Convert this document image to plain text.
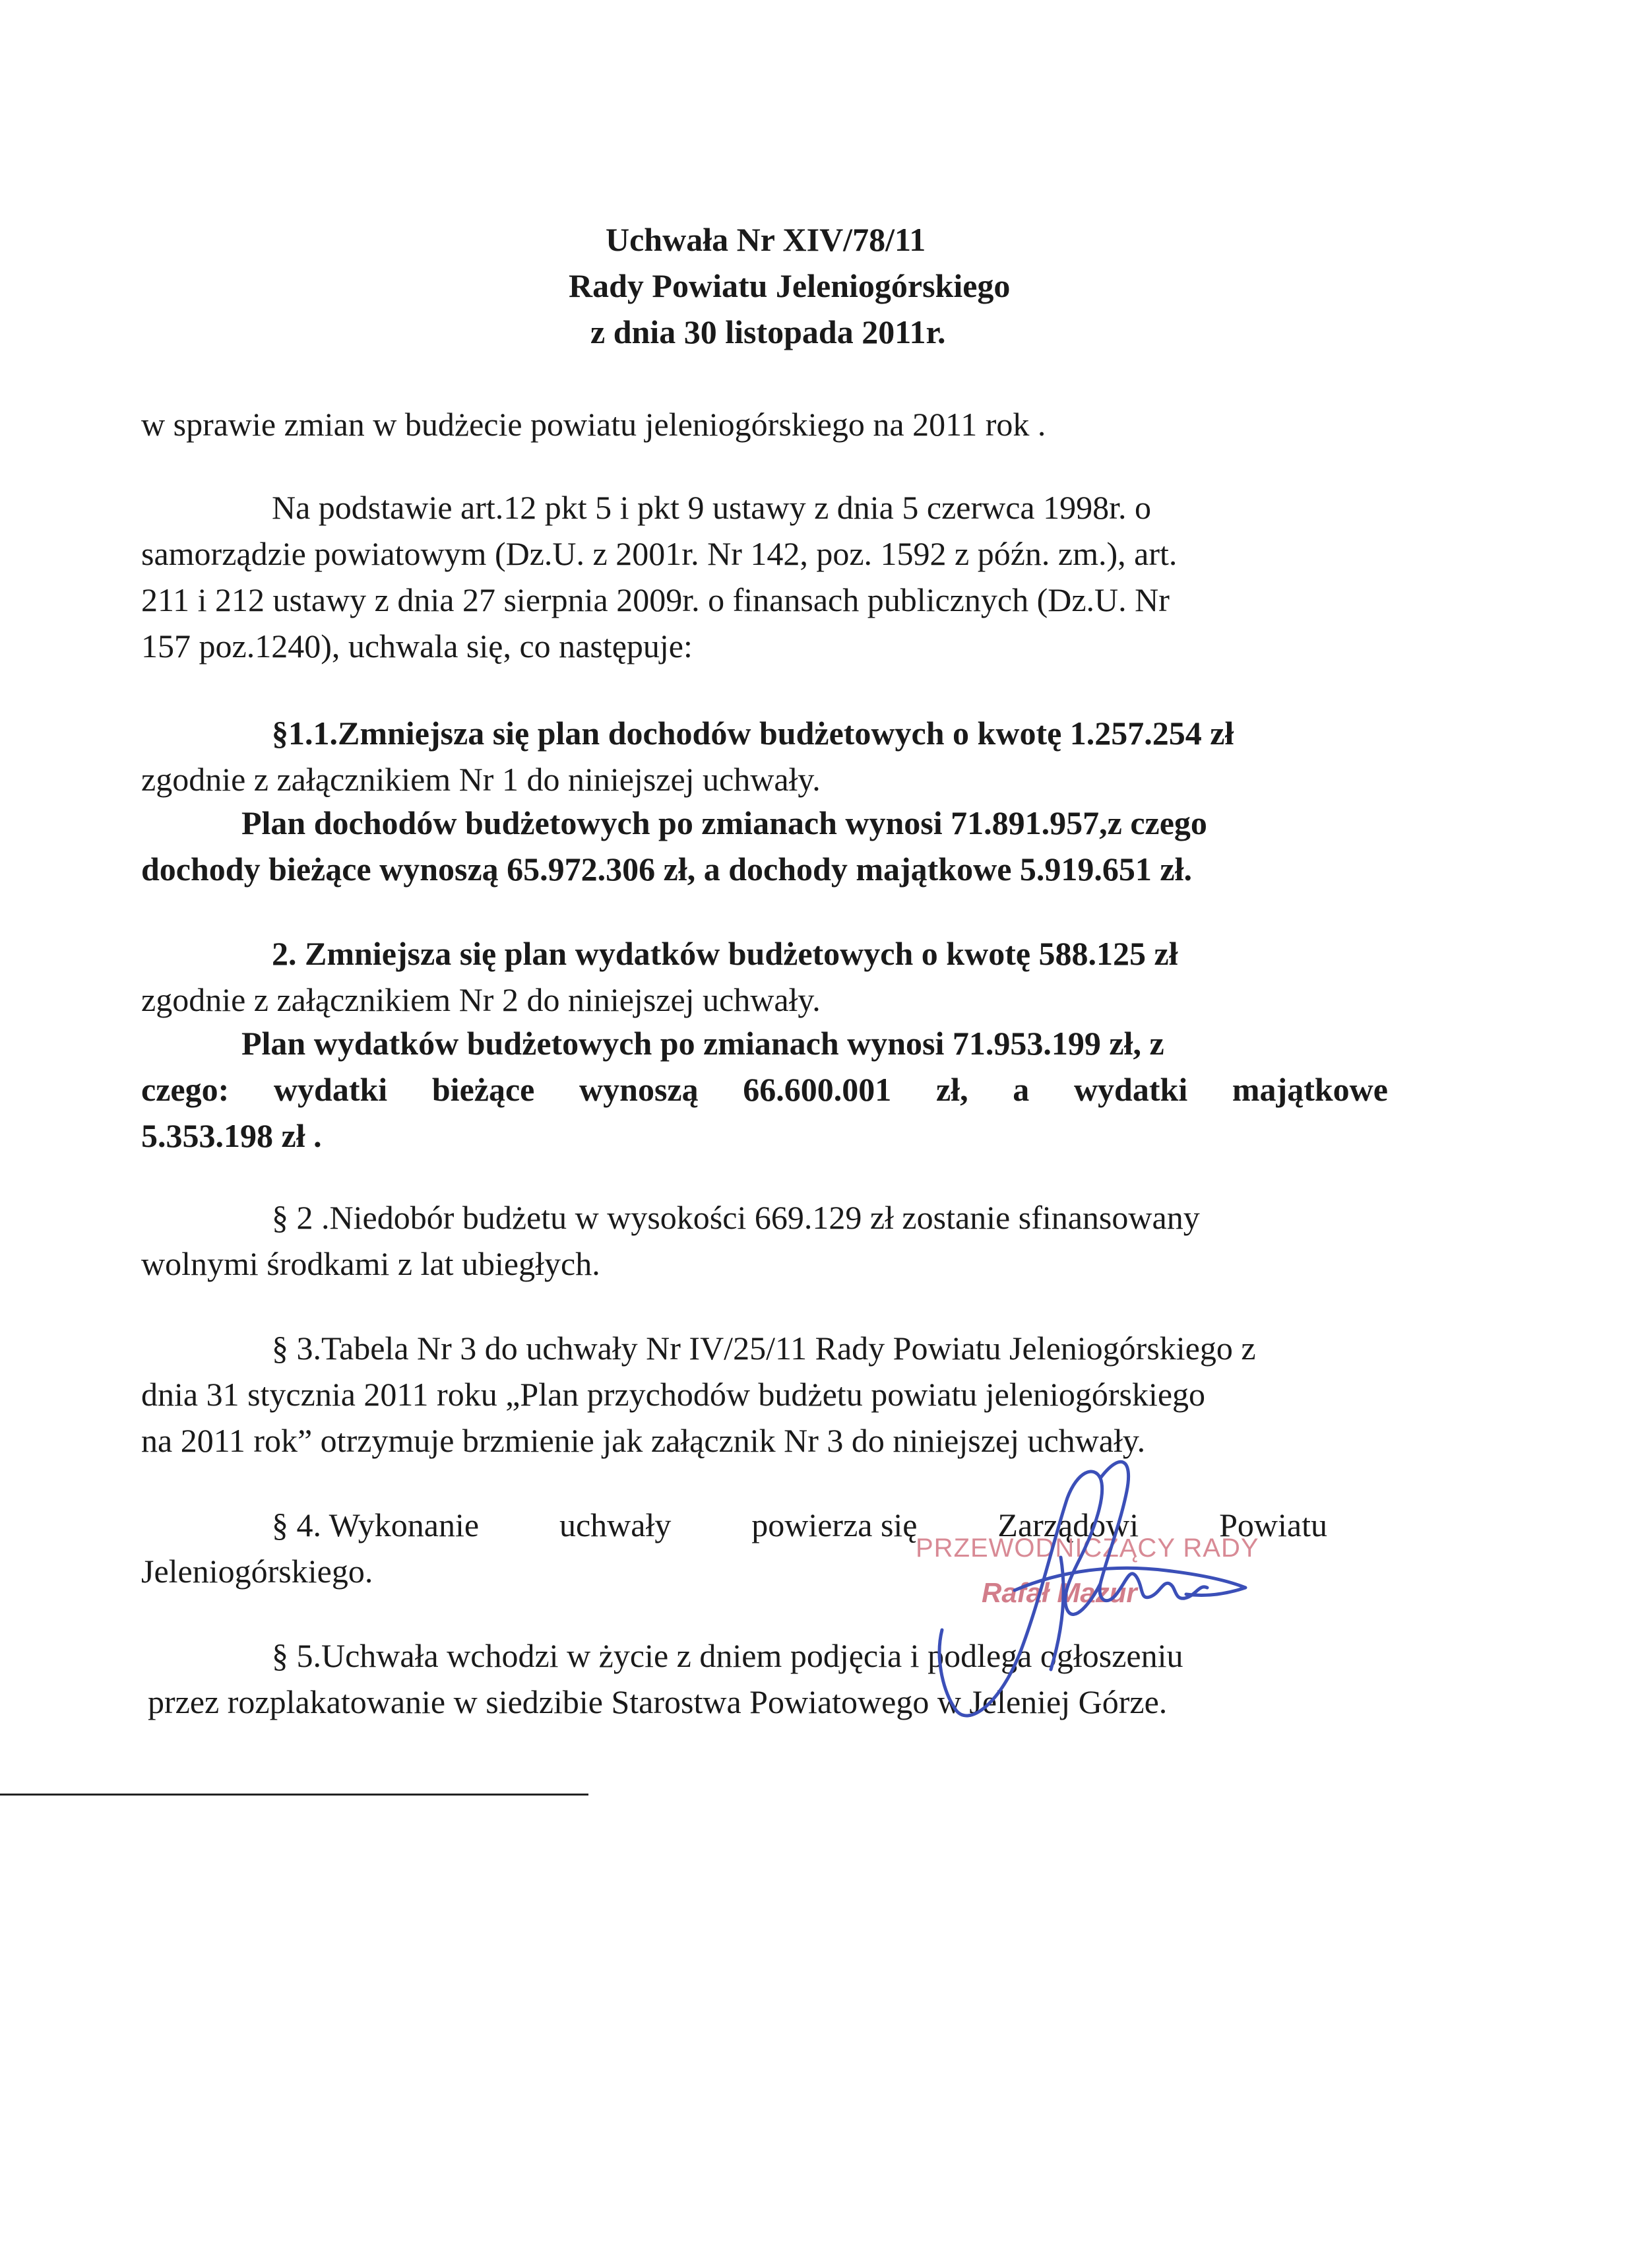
Uchwała Nr XIV/78/11
Rady Powiatu Jeleniogórskiego
z dnia 30 listopada 2011r.
w sprawie zmian w budżecie powiatu jeleniogórskiego na 2011 rok .
Na podstawie art.12 pkt 5 i pkt 9 ustawy z dnia 5 czerwca 1998r. o
samorządzie powiatowym (Dz.U. z 2001r. Nr 142, poz. 1592 z późn. zm.), art.
211 i 212 ustawy z dnia 27 sierpnia 2009r. o finansach publicznych (Dz.U. Nr
157 poz.1240), uchwala się, co następuje:
§1.1.Zmniejsza się plan dochodów budżetowych o kwotę 1.257.254 zł
zgodnie z załącznikiem Nr 1 do niniejszej uchwały.
Plan dochodów budżetowych po zmianach wynosi 71.891.957,z czego
dochody bieżące wynoszą 65.972.306 zł, a dochody majątkowe 5.919.651 zł.
2. Zmniejsza się plan wydatków budżetowych o kwotę 588.125 zł
zgodnie z załącznikiem Nr 2 do niniejszej uchwały.
Plan wydatków budżetowych po zmianach wynosi 71.953.199 zł, z
czego: wydatki bieżące wynoszą 66.600.001 zł, a wydatki majątkowe
5.353.198 zł .
§ 2 .Niedobór budżetu w wysokości 669.129 zł zostanie sfinansowany
wolnymi środkami z lat ubiegłych.
§ 3.Tabela Nr 3 do uchwały Nr IV/25/11 Rady Powiatu Jeleniogórskiego z
dnia 31 stycznia 2011 roku „Plan przychodów budżetu powiatu jeleniogórskiego
na 2011 rok” otrzymuje brzmienie jak załącznik Nr 3 do niniejszej uchwały.
§ 4. Wykonanie uchwały powierza się Zarządowi Powiatu
Jeleniogórskiego.
§ 5.Uchwała wchodzi w życie z dniem podjęcia i podlega ogłoszeniu
przez rozplakatowanie w siedzibie Starostwa Powiatowego w Jeleniej Górze.
PRZEWODNICZĄCY RADY
Rafał Mazur
